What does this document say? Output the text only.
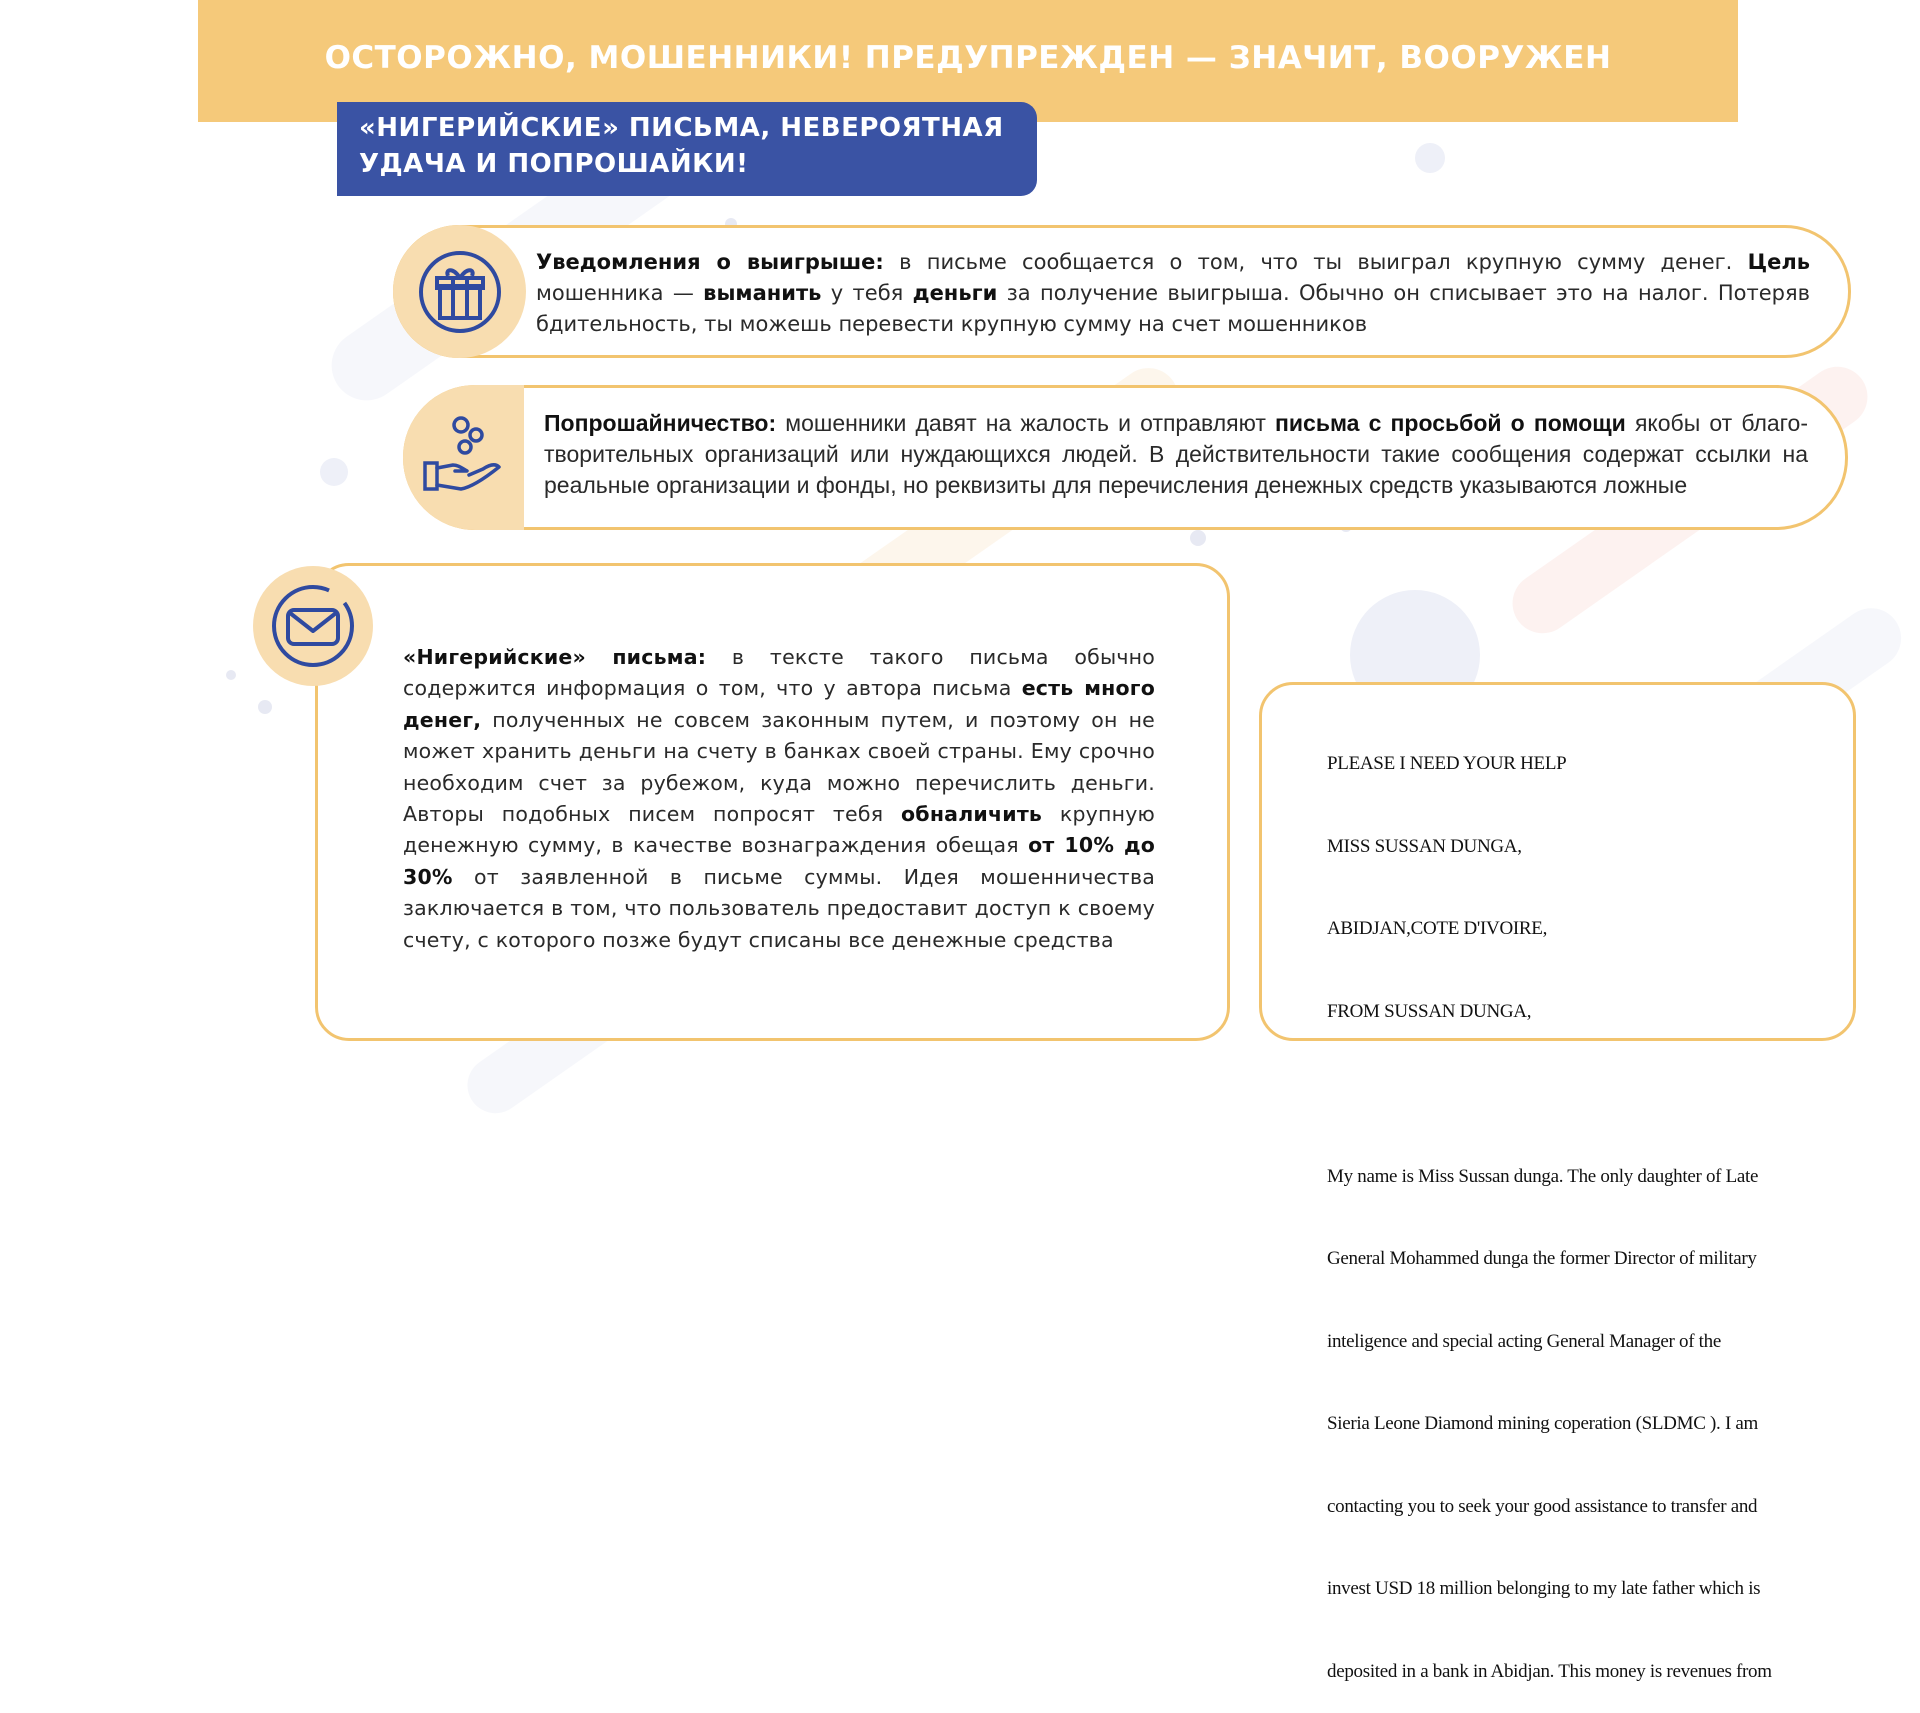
ОСТОРОЖНО, МОШЕННИКИ! ПРЕДУПРЕЖДЕН — ЗНАЧИТ, ВООРУЖЕН
«НИГЕРИЙСКИЕ» ПИСЬМА, НЕВЕРОЯТНАЯ
УДАЧА И ПОПРОШАЙКИ!
Уведомления о выигрыше: в письме сообщается о том, что ты выиграл крупную сумму денег. Цель мошенника — выманить у тебя деньги за получение выигрыша. Обычно он списывает это на налог. Потеряв бдительность, ты можешь перевести крупную сумму на счет мошенников
Попрошайничество: мошенники давят на жалость и отправляют письма с просьбой о помощи якобы от благо-творительных организаций или нуждающихся людей. В действительности такие сообщения содержат ссылки на реальные организации и фонды, но реквизиты для перечисления денежных средств указываются ложные
«Нигерийские» письма: в тексте такого письма обычно содержится информация о том, что у автора письма есть много денег, полученных не совсем законным путем, и поэтому он не может хранить деньги на счету в банках своей страны. Ему срочно необходим счет за рубежом, куда можно перечислить деньги. Авторы подобных писем попросят тебя обналичить крупную денежную сумму, в качестве вознаграждения обещая от 10% до 30% от заявленной в письме суммы. Идея мошенничества заключается в том, что пользователь предоставит доступ к своему счету, с которого позже будут списаны все денежные средства

PLEASE I NEED YOUR HELP

MISS SUSSAN DUNGA,

ABIDJAN,COTE D'IVOIRE,

FROM SUSSAN DUNGA,

My name is Miss Sussan dunga. The only daughter of Late

General Mohammed dunga the former Director of military

inteligence and special acting General Manager of the

Sieria Leone Diamond mining coperation (SLDMC ). I am

contacting you to seek your good assistance to transfer and

invest USD 18 million belonging to my late father which is

deposited in a bank in Abidjan. This money is revenues from
